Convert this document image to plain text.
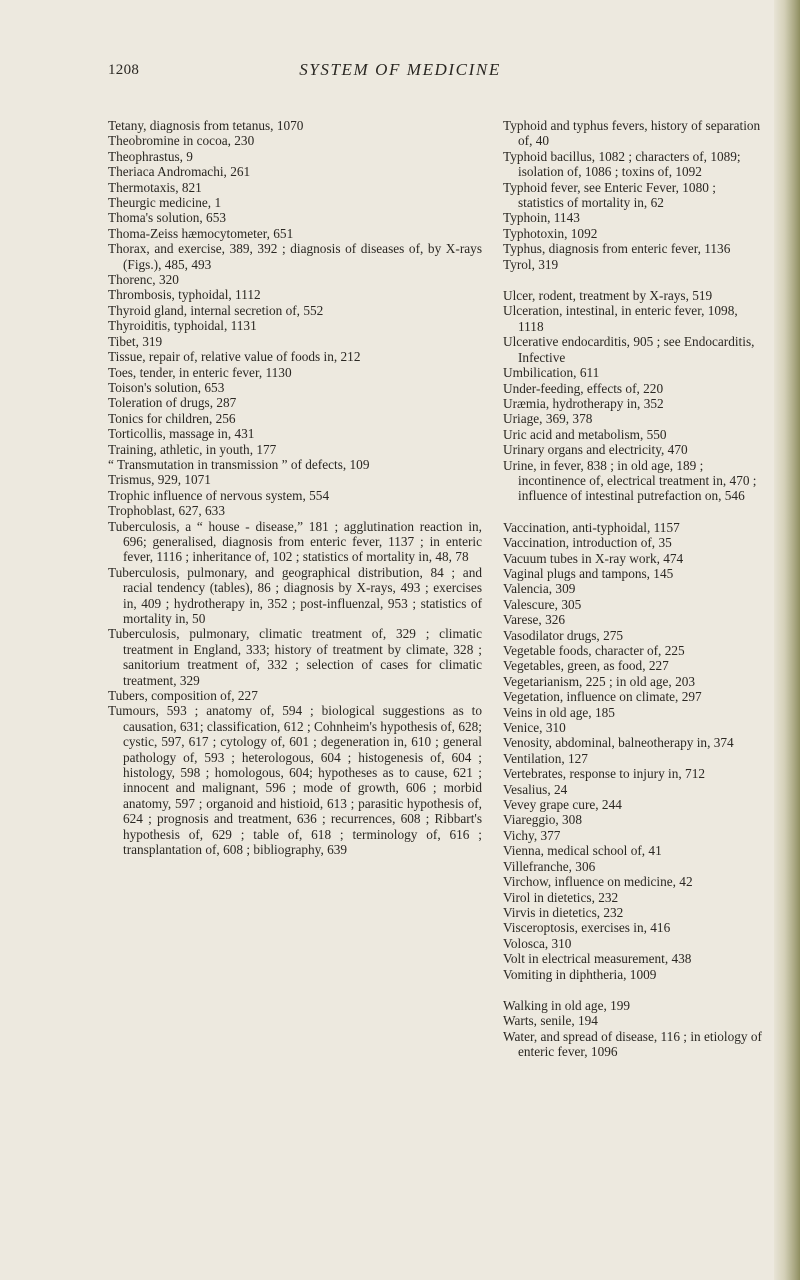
1208	SYSTEM OF MEDICINE

Tetany, diagnosis from tetanus, 1070

Theobromine in cocoa, 230

Theophrastus, 9

Theriaca Andromachi, 261

Thermotaxis, 821

Theurgic medicine, 1

Thoma's solution, 653

Thoma-Zeiss hæmocytometer, 651

Thorax, and exercise, 389, 392 ; diagnosis of diseases of, by X-rays (Figs.), 485, 493

Thorenc, 320

Thrombosis, typhoidal, 1112

Thyroid gland, internal secretion of, 552

Thyroiditis, typhoidal, 1131

Tibet, 319

Tissue, repair of, relative value of foods in, 212

Toes, tender, in enteric fever, 1130

Toison's solution, 653

Toleration of drugs, 287

Tonics for children, 256

Torticollis, massage in, 431

Training, athletic, in youth, 177

“ Transmutation in transmission ” of defects, 109

Trismus, 929, 1071

Trophic influence of nervous system, 554

Trophoblast, 627, 633

Tuberculosis, a “ house - disease,” 181 ; agglutination reaction in, 696; generalised, diagnosis from enteric fever, 1137 ; in enteric fever, 1116 ; inheritance of, 102 ; statistics of mortality in, 48, 78

Tuberculosis, pulmonary, and geographical distribution, 84 ; and racial tendency (tables), 86 ; diagnosis by X-rays, 493 ; exercises in, 409 ; hydrotherapy in, 352 ; post-influenzal, 953 ; statistics of mortality in, 50

Tuberculosis, pulmonary, climatic treatment of, 329 ; climatic treatment in England, 333; history of treatment by climate, 328 ; sanitorium treatment of, 332 ; selection of cases for climatic treatment, 329

Tubers, composition of, 227

Tumours, 593 ; anatomy of, 594 ; biological suggestions as to causation, 631; classification, 612 ; Cohnheim's hypothesis of, 628; cystic, 597, 617 ; cytology of, 601 ; degeneration in, 610 ; general pathology of, 593 ; heterologous, 604 ; histogenesis of, 604 ; histology, 598 ; homologous, 604; hypotheses as to cause, 621 ; innocent and malignant, 596 ; mode of growth, 606 ; morbid anatomy, 597 ; organoid and histioid, 613 ; parasitic hypothesis of, 624 ; prognosis and treatment, 636 ; recurrences, 608 ; Ribbart's hypothesis of, 629 ; table of, 618 ; terminology of, 616 ; transplantation of, 608 ; bibliography, 639

Typhoid and typhus fevers, history of separation of, 40

Typhoid bacillus, 1082 ; characters of, 1089; isolation of, 1086 ; toxins of, 1092

Typhoid fever, see Enteric Fever, 1080 ; statistics of mortality in, 62

Typhoin, 1143

Typhotoxin, 1092

Typhus, diagnosis from enteric fever, 1136

Tyrol, 319

Ulcer, rodent, treatment by X-rays, 519

Ulceration, intestinal, in enteric fever, 1098, 1118

Ulcerative endocarditis, 905 ; see Endocarditis, Infective

Umbilication, 611

Under-feeding, effects of, 220

Uræmia, hydrotherapy in, 352

Uriage, 369, 378

Uric acid and metabolism, 550

Urinary organs and electricity, 470

Urine, in fever, 838 ; in old age, 189 ; incontinence of, electrical treatment in, 470 ; influence of intestinal putrefaction on, 546

Vaccination, anti-typhoidal, 1157

Vaccination, introduction of, 35

Vacuum tubes in X-ray work, 474

Vaginal plugs and tampons, 145

Valencia, 309

Valescure, 305

Varese, 326

Vasodilator drugs, 275

Vegetable foods, character of, 225

Vegetables, green, as food, 227

Vegetarianism, 225 ; in old age, 203

Vegetation, influence on climate, 297

Veins in old age, 185

Venice, 310

Venosity, abdominal, balneotherapy in, 374

Ventilation, 127

Vertebrates, response to injury in, 712

Vesalius, 24

Vevey grape cure, 244

Viareggio, 308

Vichy, 377

Vienna, medical school of, 41

Villefranche, 306

Virchow, influence on medicine, 42

Virol in dietetics, 232

Virvis in dietetics, 232

Visceroptosis, exercises in, 416

Volosca, 310

Volt in electrical measurement, 438

Vomiting in diphtheria, 1009

Walking in old age, 199

Warts, senile, 194

Water, and spread of disease, 116 ; in etiology of enteric fever, 1096
